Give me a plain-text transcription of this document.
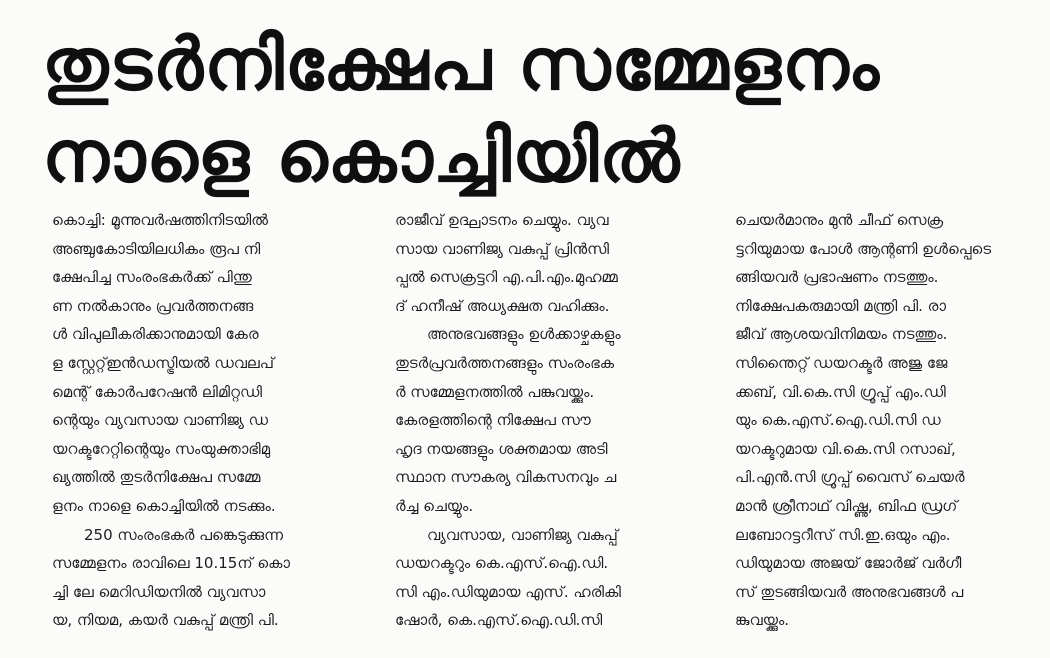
തുടർനിക്ഷേപ സമ്മേളനം
നാളെ കൊച്ചിയിൽ
കൊച്ചി: മൂന്നുവർഷത്തിനിടയിൽ
അഞ്ചുകോടിയിലധികം രൂപ നി
ക്ഷേപിച്ച സംരംഭകർക്ക് പിന്തു
ണ നൽകാനും പ്രവർത്തനങ്ങ
ൾ വിപുലീകരിക്കാനുമായി കേര
ള സ്റ്റേറ്റ്ഇൻഡസ്ട്രിയൽ ഡവലപ്
മെന്റ് കോർപറേഷൻ ലിമിറ്റഡി
ന്റെയും വ്യവസായ വാണിജ്യ ഡ
യറക്ടറേറ്റിന്റെയും സംയുക്താഭിമു
ഖ്യത്തിൽ തുടർനിക്ഷേപ സമ്മേ
ളനം നാളെ കൊച്ചിയിൽ നടക്കും.
250 സംരംഭകർ പങ്കെടുക്കുന്ന
സമ്മേളനം രാവിലെ 10.15ന് കൊ
ച്ചി ലേ മെറിഡിയനിൽ വ്യവസാ
യ, നിയമ, കയർ വകുപ്പ് മന്ത്രി പി.
രാജീവ് ഉദ്ഘാടനം ചെയ്യും. വ്യവ
സായ വാണിജ്യ വകുപ്പ് പ്രിൻസി
പ്പൽ സെക്രട്ടറി എ.പി.എം.മുഹമ്മ
ദ് ഹനീഷ് അധ്യക്ഷത വഹിക്കും.
അനുഭവങ്ങളും ഉൾക്കാഴ്ചകളും
തുടർപ്രവർത്തനങ്ങളും സംരംഭക
ർ സമ്മേളനത്തിൽ പങ്കുവയ്ക്കും.
കേരളത്തിന്റെ നിക്ഷേപ സൗ
ഹൃദ നയങ്ങളും ശക്തമായ അടി
സ്ഥാന സൗകര്യ വികസനവും ച
ർച്ച ചെയ്യും.
വ്യവസായ, വാണിജ്യ വകുപ്പ്
ഡയറക്ടറും കെ.എസ്.ഐ.ഡി.
സി എം.ഡിയുമായ എസ്. ഹരികി
ഷോർ, കെ.എസ്.ഐ.ഡി.സി
ചെയർമാനും മുൻ ചീഫ് സെക്ര
ട്ടറിയുമായ പോൾ ആന്റണി ഉൾപ്പെടെ
ങ്ങിയവർ പ്രഭാഷണം നടത്തും.
നിക്ഷേപകരുമായി മന്ത്രി പി. രാ
ജീവ് ആശയവിനിമയം നടത്തും.
സിന്തൈറ്റ് ഡയറക്ടർ അജു ജേ
ക്കബ്, വി.കെ.സി ഗ്രൂപ്പ് എം.ഡി
യും കെ.എസ്.ഐ.ഡി.സി ഡ
യറക്ടറുമായ വി.കെ.സി റസാഖ്,
പി.എൻ.സി ഗ്രൂപ്പ് വൈസ് ചെയർ
മാൻ ശ്രീനാഥ് വിഷ്ണു, ബിഫ ഡ്രഗ്
ലബോറട്ടറീസ് സി.ഇ.ഒയും എം.
ഡിയുമായ അജയ് ജോർജ് വർഗീ
സ് തുടങ്ങിയവർ അനുഭവങ്ങൾ പ
ങ്കുവയ്ക്കും.
